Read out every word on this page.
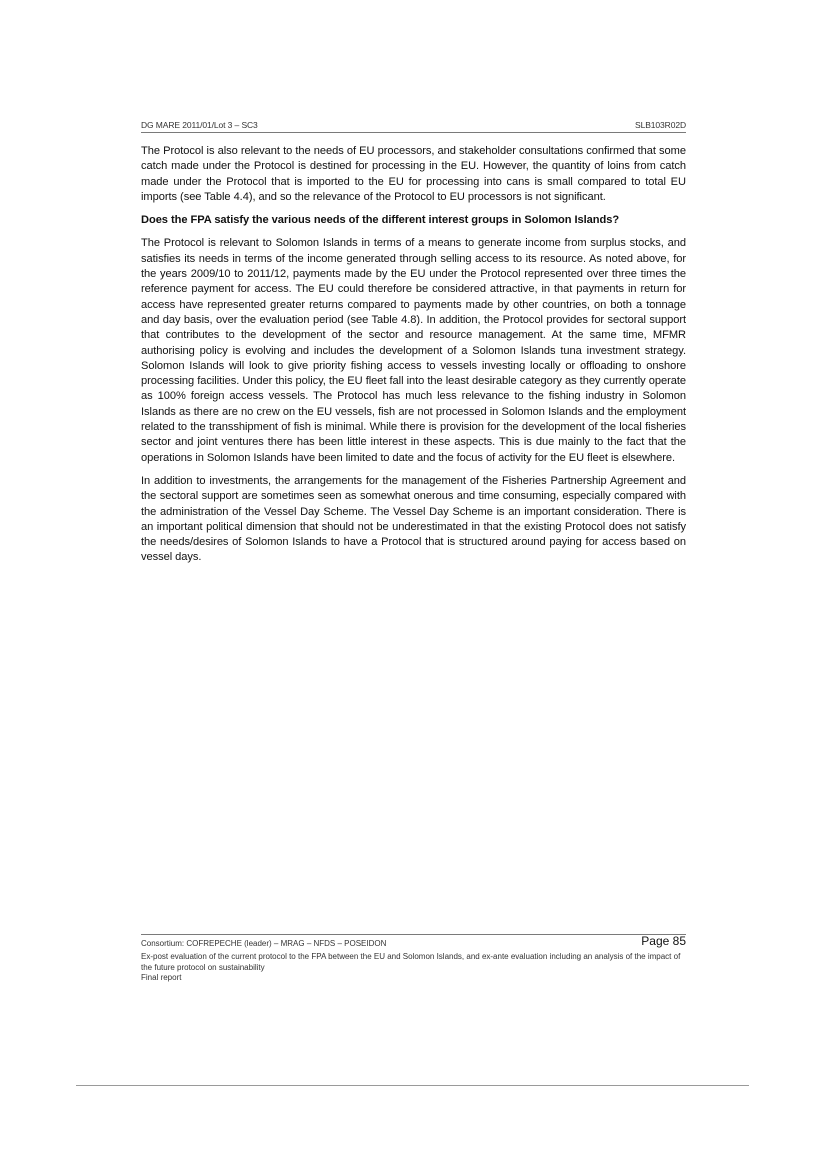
DG MARE 2011/01/Lot 3 – SC3	SLB103R02D

The Protocol is also relevant to the needs of EU processors, and stakeholder consultations confirmed that some catch made under the Protocol is destined for processing in the EU. However, the quantity of loins from catch made under the Protocol that is imported to the EU for processing into cans is small compared to total EU imports (see Table 4.4), and so the relevance of the Protocol to EU processors is not significant.

Does the FPA satisfy the various needs of the different interest groups in Solomon Islands?

The Protocol is relevant to Solomon Islands in terms of a means to generate income from surplus stocks, and satisfies its needs in terms of the income generated through selling access to its resource. As noted above, for the years 2009/10 to 2011/12, payments made by the EU under the Protocol represented over three times the reference payment for access. The EU could therefore be considered attractive, in that payments in return for access have represented greater returns compared to payments made by other countries, on both a tonnage and day basis, over the evaluation period (see Table 4.8). In addition, the Protocol provides for sectoral support that contributes to the development of the sector and resource management. At the same time, MFMR authorising policy is evolving and includes the development of a Solomon Islands tuna investment strategy. Solomon Islands will look to give priority fishing access to vessels investing locally or offloading to onshore processing facilities. Under this policy, the EU fleet fall into the least desirable category as they currently operate as 100% foreign access vessels. The Protocol has much less relevance to the fishing industry in Solomon Islands as there are no crew on the EU vessels, fish are not processed in Solomon Islands and the employment related to the transshipment of fish is minimal. While there is provision for the development of the local fisheries sector and joint ventures there has been little interest in these aspects. This is due mainly to the fact that the operations in Solomon Islands have been limited to date and the focus of activity for the EU fleet is elsewhere.

In addition to investments, the arrangements for the management of the Fisheries Partnership Agreement and the sectoral support are sometimes seen as somewhat onerous and time consuming, especially compared with the administration of the Vessel Day Scheme. The Vessel Day Scheme is an important consideration. There is an important political dimension that should not be underestimated in that the existing Protocol does not satisfy the needs/desires of Solomon Islands to have a Protocol that is structured around paying for access based on vessel days.

Consortium: COFREPECHE (leader) – MRAG – NFDS – POSEIDON	Page 85
Ex-post evaluation of the current protocol to the FPA between the EU and Solomon Islands, and ex-ante evaluation including an analysis of the impact of the future protocol on sustainability
Final report
